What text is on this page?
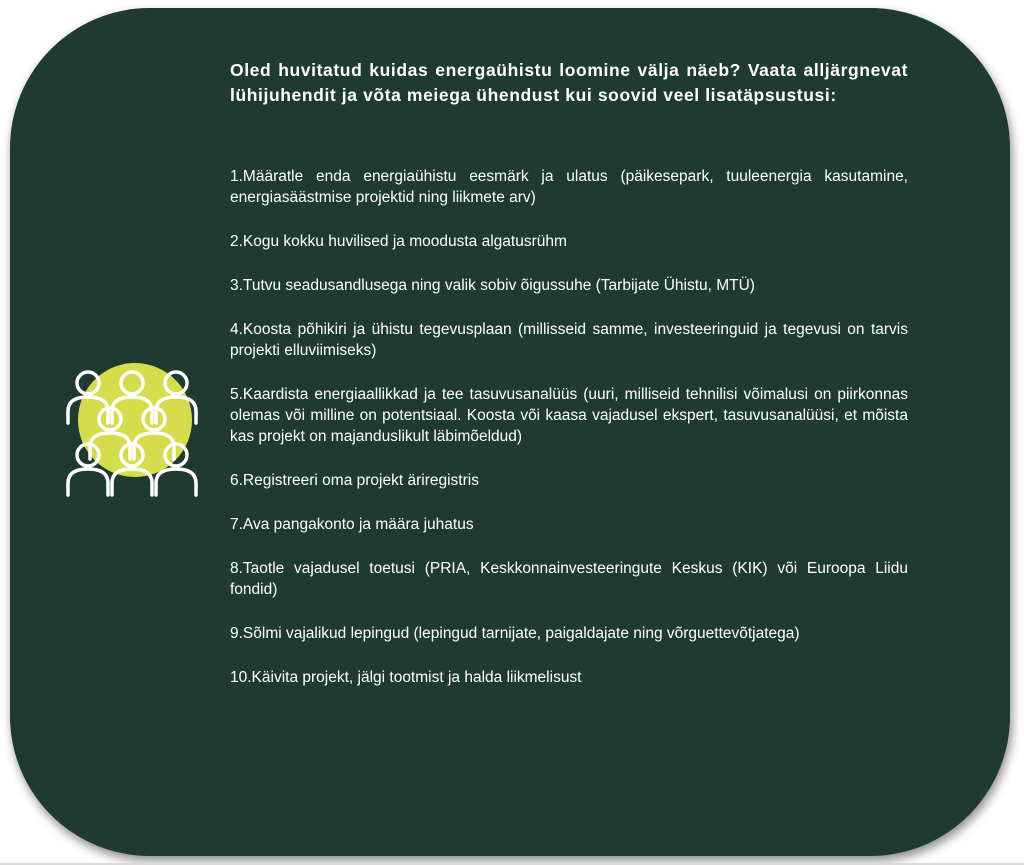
Oled huvitatud kuidas energaühistu loomine välja näeb? Vaata alljärgnevat lühijuhendit ja võta meiega ühendust kui soovid veel lisatäpsustusi:

1.Määratle enda energiaühistu eesmärk ja ulatus (päikesepark, tuuleenergia kasutamine, energiasäästmise projektid ning liikmete arv)
2.Kogu kokku huvilised ja moodusta algatusrühm
3.Tutvu seadusandlusega ning valik sobiv õigussuhe (Tarbijate Ühistu, MTÜ)
4.Koosta põhikiri ja ühistu tegevusplaan (millisseid samme, investeeringuid ja tegevusi on tarvis projekti elluviimiseks)
5.Kaardista energiaallikkad ja tee tasuvusanalüüs (uuri, milliseid tehnilisi võimalusi on piirkonnas olemas või milline on potentsiaal. Koosta või kaasa vajadusel ekspert, tasuvusanalüüsi, et mõista kas projekt on majanduslikult läbimõeldud)
6.Registreeri oma projekt äriregistris
7.Ava pangakonto ja määra juhatus
8.Taotle vajadusel toetusi (PRIA, Keskkonnainvesteeringute Keskus (KIK) või Euroopa Liidu fondid)
9.Sõlmi vajalikud lepingud (lepingud tarnijate, paigaldajate ning võrguettevõtjatega)
10.Käivita projekt, jälgi tootmist ja halda liikmelisust
